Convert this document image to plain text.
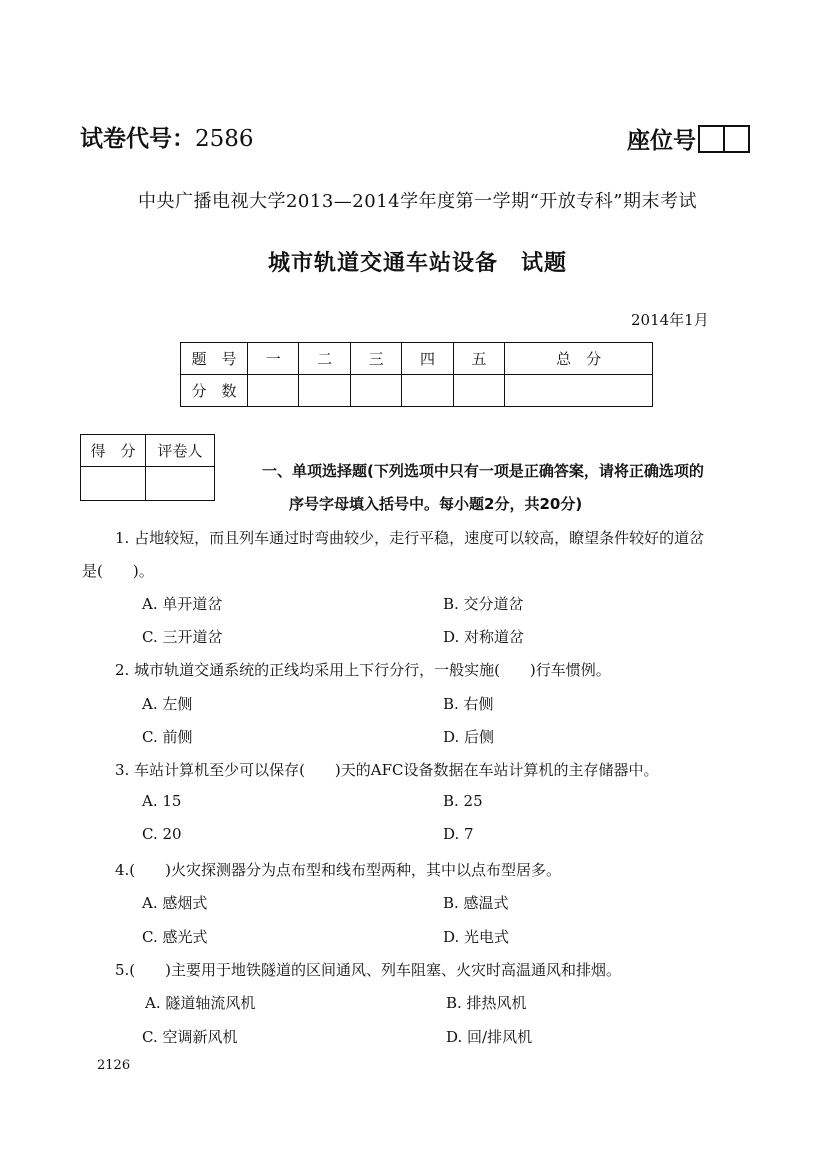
试卷代号：2586	座位号
中央广播电视大学2013—2014学年度第一学期“开放专科”期末考试
城市轨道交通车站设备　试题
2014年1月
题　号	一	二	三	四	五	总　分
分　数						
得　分	评卷人

一、单项选择题(下列选项中只有一项是正确答案，请将正确选项的
序号字母填入括号中。每小题2分，共20分)
1. 占地较短，而且列车通过时弯曲较少，走行平稳，速度可以较高，瞭望条件较好的道岔
是(　　)。
A. 单开道岔	B. 交分道岔
C. 三开道岔	D. 对称道岔
2. 城市轨道交通系统的正线均采用上下行分行，一般实施(　　)行车惯例。
A. 左侧	B. 右侧
C. 前侧	D. 后侧
3. 车站计算机至少可以保存(　　)天的AFC设备数据在车站计算机的主存储器中。
A. 15	B. 25
C. 20	D. 7
4.(　　)火灾探测器分为点布型和线布型两种，其中以点布型居多。
A. 感烟式	B. 感温式
C. 感光式	D. 光电式
5.(　　)主要用于地铁隧道的区间通风、列车阻塞、火灾时高温通风和排烟。
A. 隧道轴流风机	B. 排热风机
C. 空调新风机	D. 回/排风机
2126
